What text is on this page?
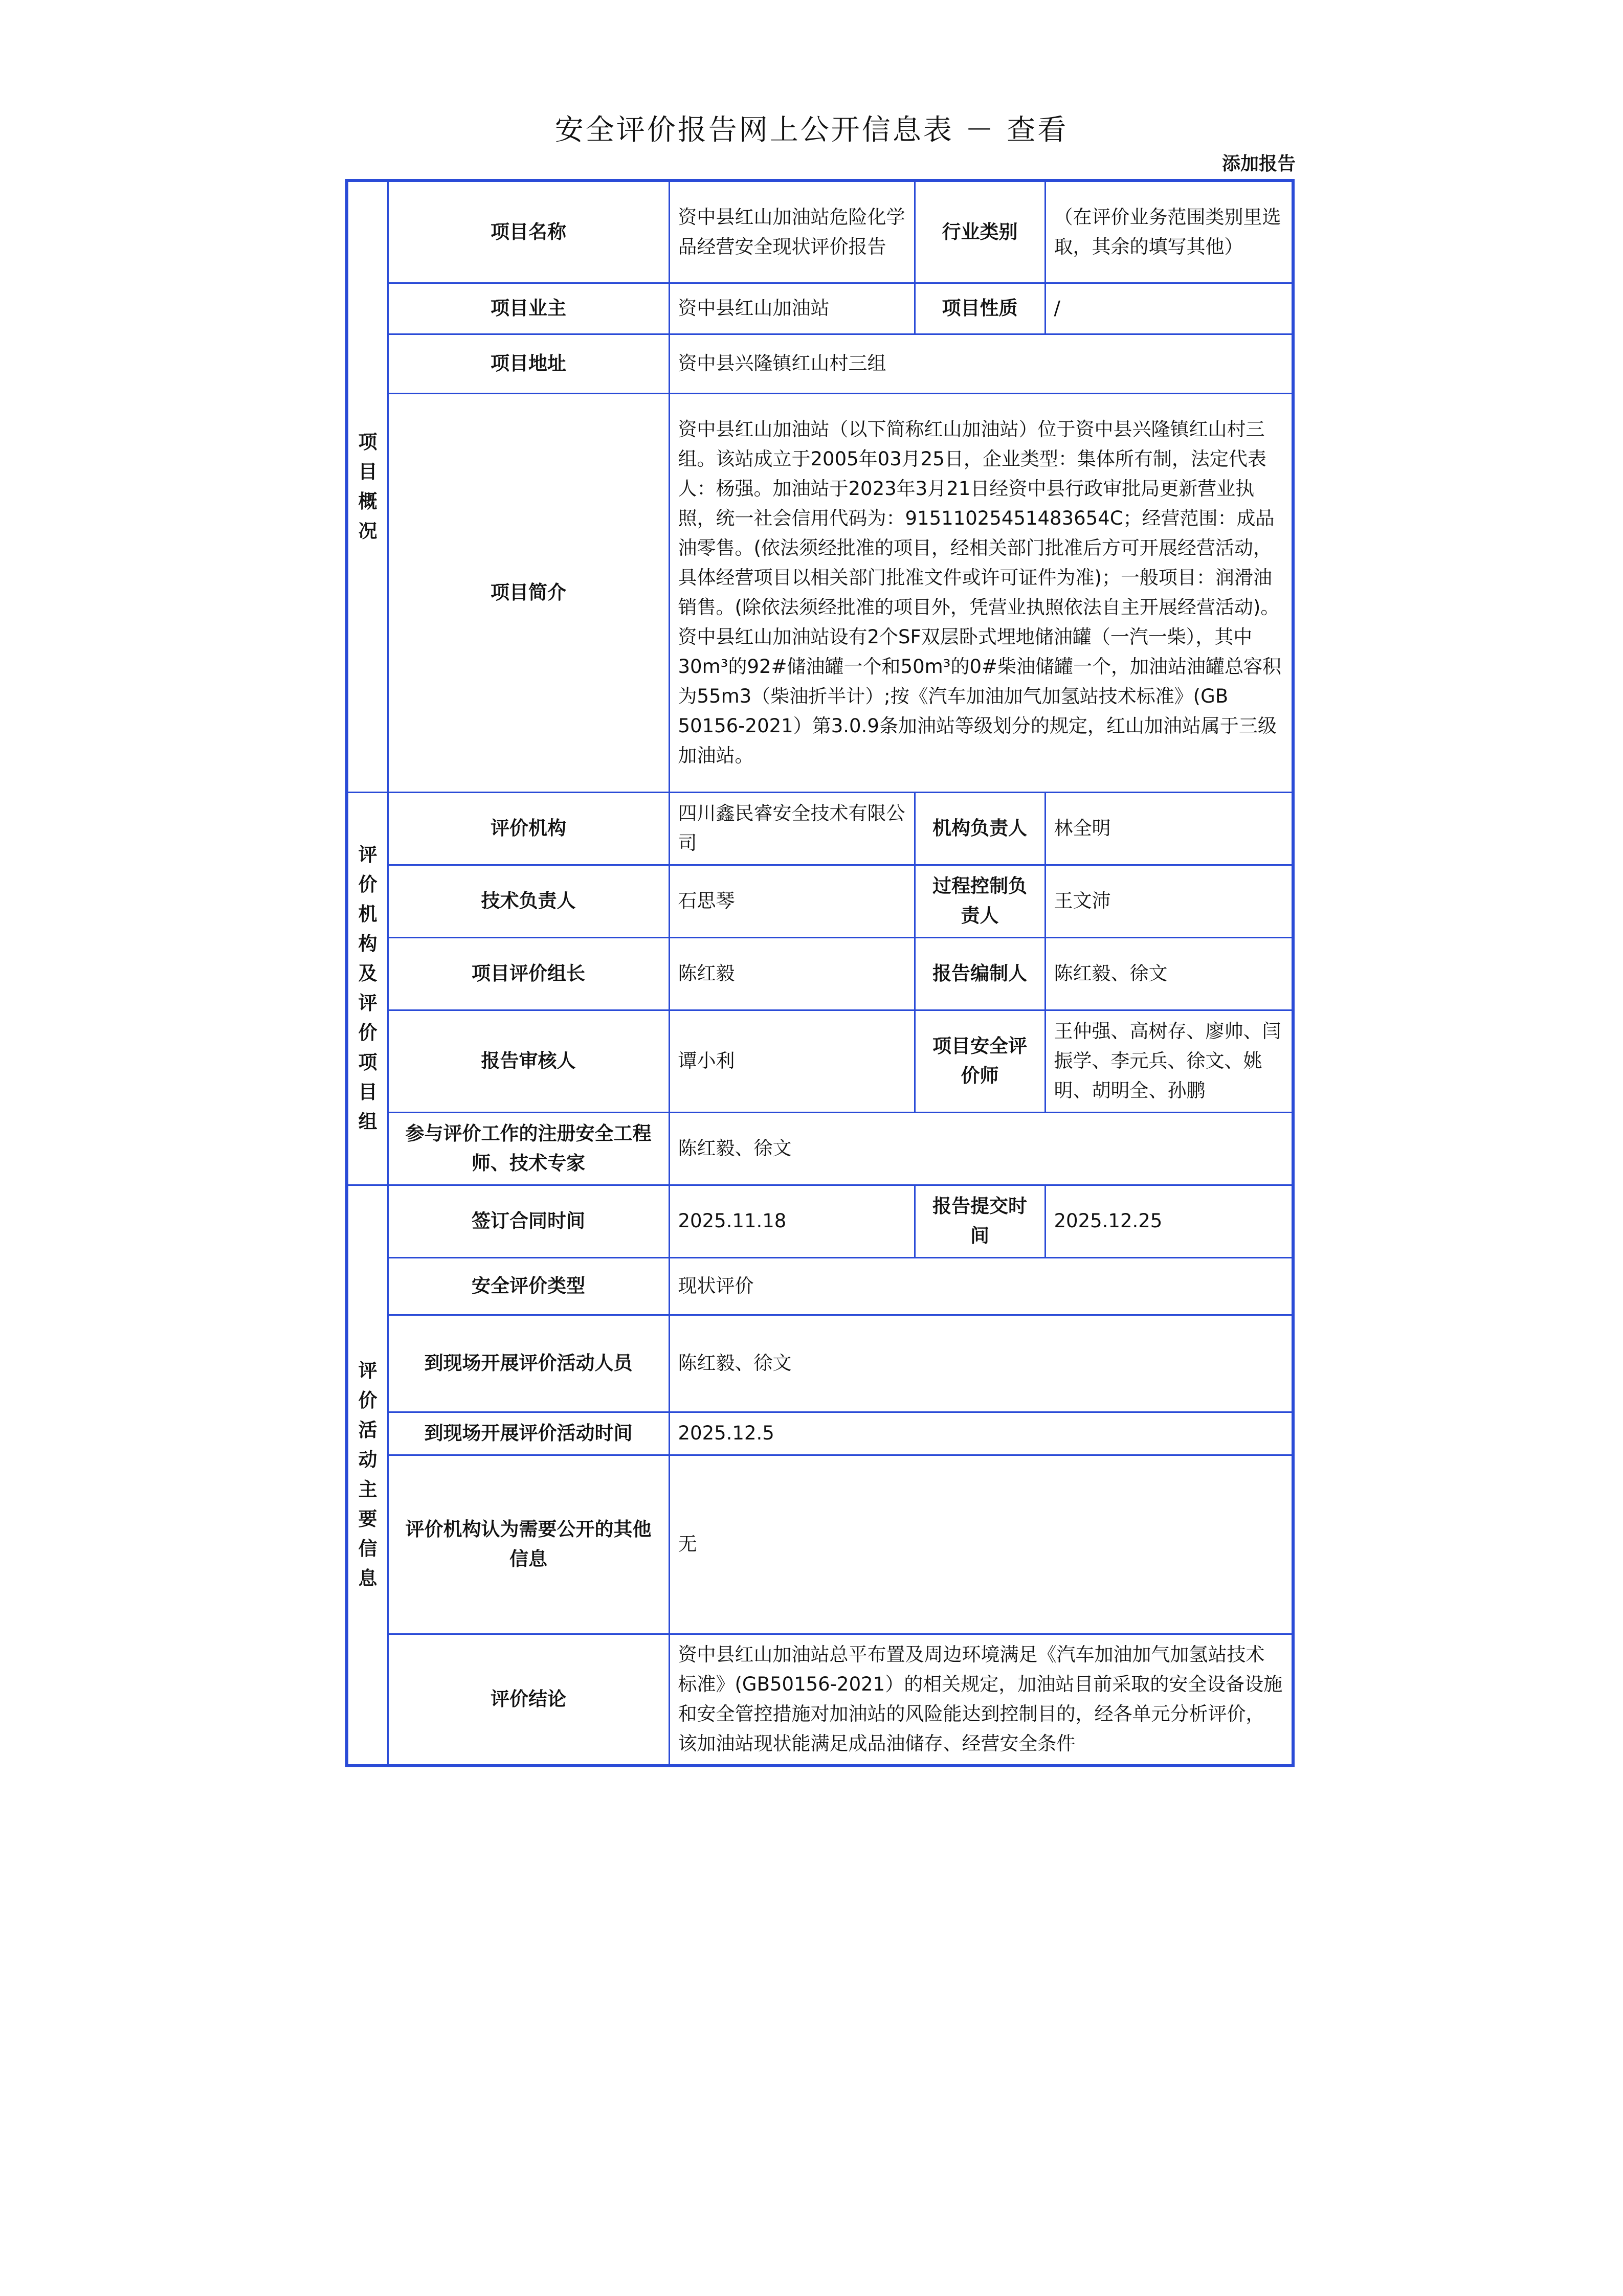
安全评价报告网上公开信息表 － 查看
添加报告
项目概况	项目名称	资中县红山加油站危险化学品经营安全现状评价报告	行业类别	（在评价业务范围类别里选取，其余的填写其他）
	项目业主	资中县红山加油站	项目性质	/
	项目地址	资中县兴隆镇红山村三组		
	项目简介	资中县红山加油站（以下简称红山加油站）位于资中县兴隆镇红山村三组。该站成立于2005年03月25日，企业类型：集体所有制，法定代表人：杨强。加油站于2023年3月21日经资中县行政审批局更新营业执照，统一社会信用代码为：91511025451483654C；经营范围：成品油零售。(依法须经批准的项目，经相关部门批准后方可开展经营活动，具体经营项目以相关部门批准文件或许可证件为准)；一般项目：润滑油销售。(除依法须经批准的项目外，凭营业执照依法自主开展经营活动)。
资中县红山加油站设有2个SF双层卧式埋地储油罐（一汽一柴），其中30m³的92#储油罐一个和50m³的0#柴油储罐一个，加油站油罐总容积为55m3（柴油折半计）;按《汽车加油加气加氢站技术标准》(GB 50156-2021）第3.0.9条加油站等级划分的规定，红山加油站属于三级加油站。		

评价机构及评价项目组	评价机构	四川鑫民睿安全技术有限公司	机构负责人	林全明
	技术负责人	石思琴	过程控制负责人	王文沛
	项目评价组长	陈红毅	报告编制人	陈红毅、徐文
	报告审核人	谭小利	项目安全评价师	王仲强、高树存、廖帅、闫振学、李元兵、徐文、姚明、胡明全、孙鹏
	参与评价工作的注册安全工程师、技术专家	陈红毅、徐文		
评价活动主要信息	签订合同时间	2025.11.18	报告提交时间	2025.12.25
	安全评价类型	现状评价		
	到现场开展评价活动人员	陈红毅、徐文		
	到现场开展评价活动时间	2025.12.5		
	评价机构认为需要公开的其他信息	无		
	评价结论	资中县红山加油站总平布置及周边环境满足《汽车加油加气加氢站技术标准》(GB50156-2021）的相关规定，加油站目前采取的安全设备设施和安全管控措施对加油站的风险能达到控制目的，经各单元分析评价，该加油站现状能满足成品油储存、经营安全条件		
